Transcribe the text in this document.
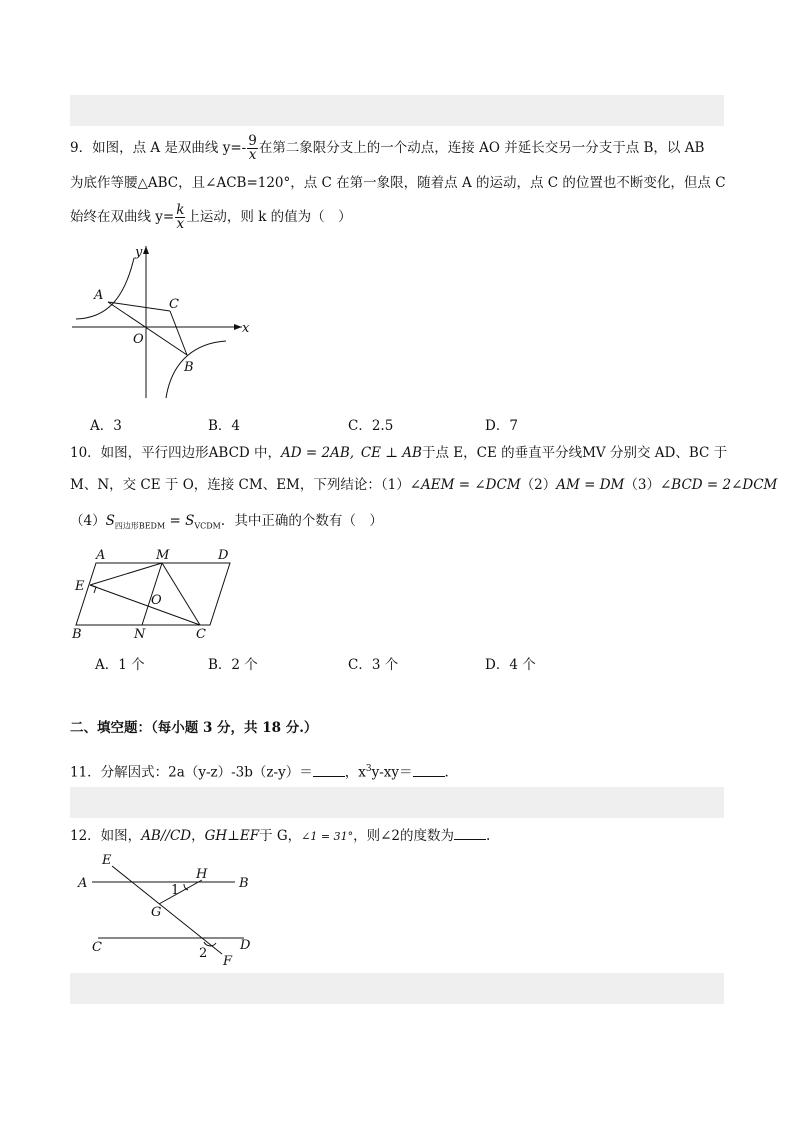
9．如图，点 A 是双曲线 $y=- \frac{9}{x}$ 在第二象限分支上的一个动点，连接 AO 并延长交另一分支于点 B，以 AB
为底作等腰△ABC，且∠ACB=120°，点 C 在第一象限，随着点 A 的运动，点 C 的位置也不断变化，但点 C
始终在双曲线 $y= \frac{k}{x}$ 上运动，则 k 的值为（　）
y
x
A
C
O
B
A．3	B．4	C．2.5	D．7
10．如图，平行四边形ABCD 中，AD = 2AB,  CE ⊥ AB于点 E，CE 的垂直平分线MV 分别交 AD、BC 于
M、N，交 CE 于 O，连接 CM、EM，下列结论：（1）∠AEM = ∠DCM（2）AM = DM（3）∠BCD = 2∠DCM
$(4)S_{四边形BEDM} = S_{VCDM}$．其中正确的个数有（　）
A	M	D
E
O
B	N	C
A．1 个	B．2 个	C．3 个	D．4 个
二、填空题：（每小题 3 分，共 18 分.）
11．分解因式：2a（y-z）-3b（z-y）＝ ，$x^3y-xy=$ .
12．如图，AB//CD，GH⊥EF于 G，∠1 = 31°，则∠2的度数为 .
E
A
H
B
1
G
C	D
2
F
